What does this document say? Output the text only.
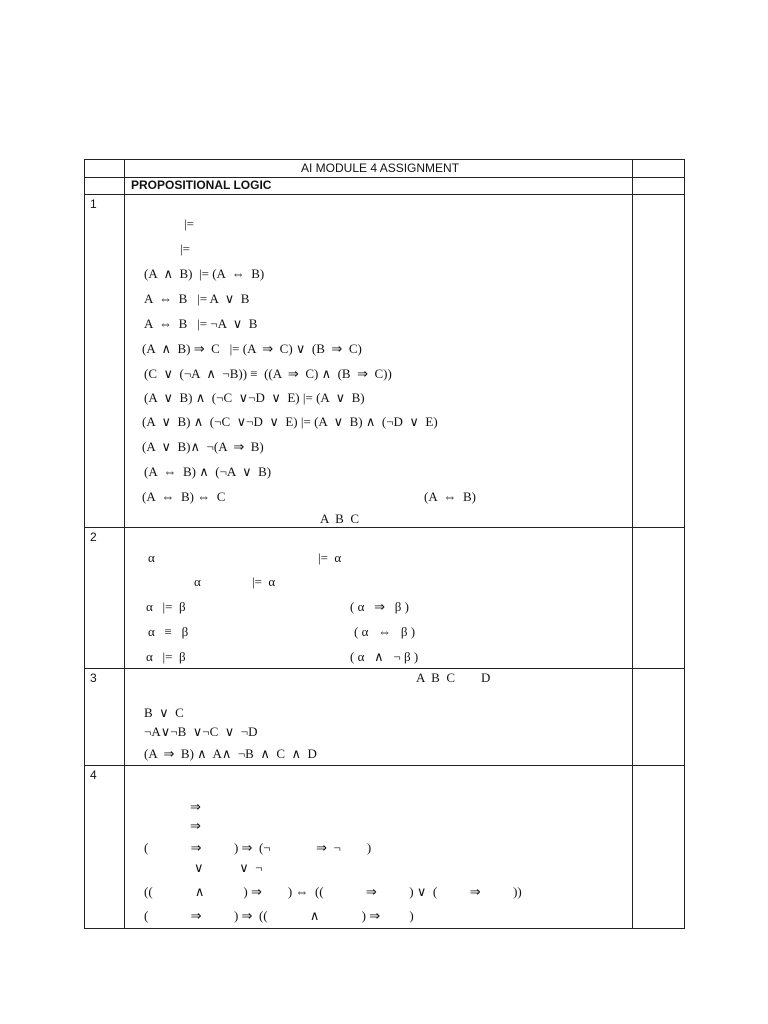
AI MODULE 4 ASSIGNMENT
PROPOSITIONAL LOGIC
1
|=
|=
(A  ∧  B)  |= (A  ⇔  B)
A  ⇔  B   |= A  ∨  B
A  ⇔  B   |= ¬A  ∨  B
(A  ∧  B) ⇒  C   |= (A  ⇒  C) ∨  (B  ⇒  C)
(C  ∨  (¬A  ∧  ¬B)) ≡  ((A  ⇒  C) ∧  (B  ⇒  C))
(A  ∨  B) ∧  (¬C  ∨¬D  ∨  E) |= (A  ∨  B)
(A  ∨  B) ∧  (¬C  ∨¬D  ∨  E) |= (A  ∨  B) ∧  (¬D  ∨  E)
(A  ∨  B)∧  ¬(A  ⇒  B)
(A  ⇔  B) ∧  (¬A  ∨  B)
(A  ⇔  B) ⇔  C	(A  ⇔  B)
A  B  C
2
α	|=  α
α	|=  α
α   |=  β	( α   ⇒   β )
α   ≡   β	( α   ⇔   β )
α   |=  β	( α   ∧   ¬ β )
3	A  B  C        D
B  ∨  C
¬A∨¬B  ∨¬C  ∨  ¬D
(A  ⇒  B) ∧  A∧  ¬B  ∧  C  ∧  D
4
⇒
⇒
(             ⇒          ) ⇒  (¬              ⇒  ¬        )
∨           ∨  ¬
((             ∧            ) ⇒        ) ⇔  ((             ⇒          ) ∨  (          ⇒          ))
(             ⇒          ) ⇒  ((             ∧             ) ⇒         )
